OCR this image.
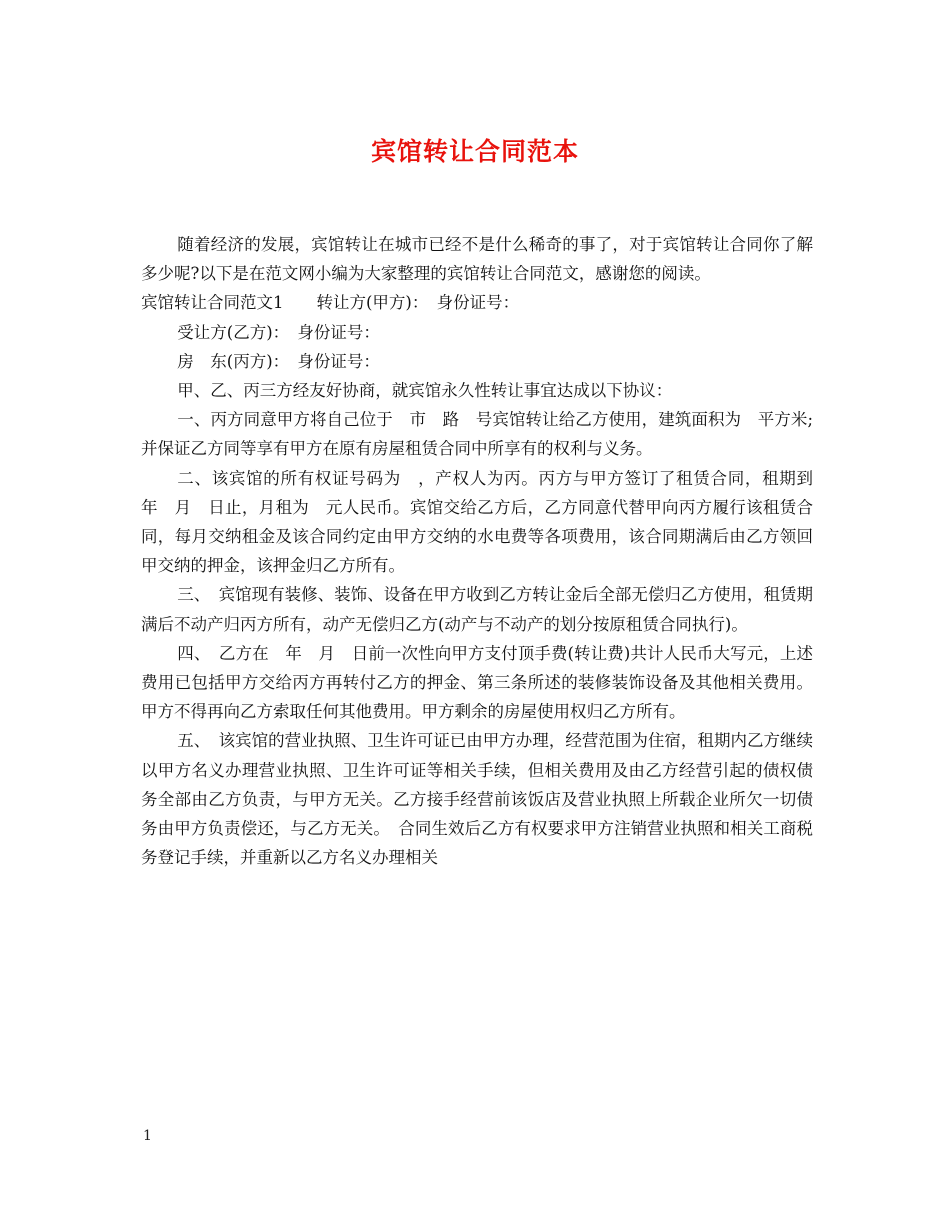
宾馆转让合同范本

随着经济的发展，宾馆转让在城市已经不是什么稀奇的事了，对于宾馆转让合同你了解多少呢?以下是在范文网小编为大家整理的宾馆转让合同范文，感谢您的阅读。

宾馆转让合同范文1　　转让方(甲方)：　身份证号：

受让方(乙方)：　身份证号：

房　东(丙方)：　身份证号：

甲、乙、丙三方经友好协商，就宾馆永久性转让事宜达成以下协议：

一、丙方同意甲方将自己位于　市　路　号宾馆转让给乙方使用，建筑面积为　平方米;并保证乙方同等享有甲方在原有房屋租赁合同中所享有的权利与义务。

二、该宾馆的所有权证号码为　，产权人为丙。丙方与甲方签订了租赁合同，租期到　年　月　日止，月租为　元人民币。宾馆交给乙方后，乙方同意代替甲向丙方履行该租赁合同，每月交纳租金及该合同约定由甲方交纳的水电费等各项费用，该合同期满后由乙方领回甲交纳的押金，该押金归乙方所有。

三、　宾馆现有装修、装饰、设备在甲方收到乙方转让金后全部无偿归乙方使用，租赁期满后不动产归丙方所有，动产无偿归乙方(动产与不动产的划分按原租赁合同执行)。

四、　乙方在　年　月　日前一次性向甲方支付顶手费(转让费)共计人民币大写元，上述费用已包括甲方交给丙方再转付乙方的押金、第三条所述的装修装饰设备及其他相关费用。甲方不得再向乙方索取任何其他费用。甲方剩余的房屋使用权归乙方所有。

五、　该宾馆的营业执照、卫生许可证已由甲方办理，经营范围为住宿，租期内乙方继续以甲方名义办理营业执照、卫生许可证等相关手续，但相关费用及由乙方经营引起的债权债务全部由乙方负责，与甲方无关。乙方接手经营前该饭店及营业执照上所载企业所欠一切债务由甲方负责偿还，与乙方无关。　合同生效后乙方有权要求甲方注销营业执照和相关工商税务登记手续，并重新以乙方名义办理相关

1
